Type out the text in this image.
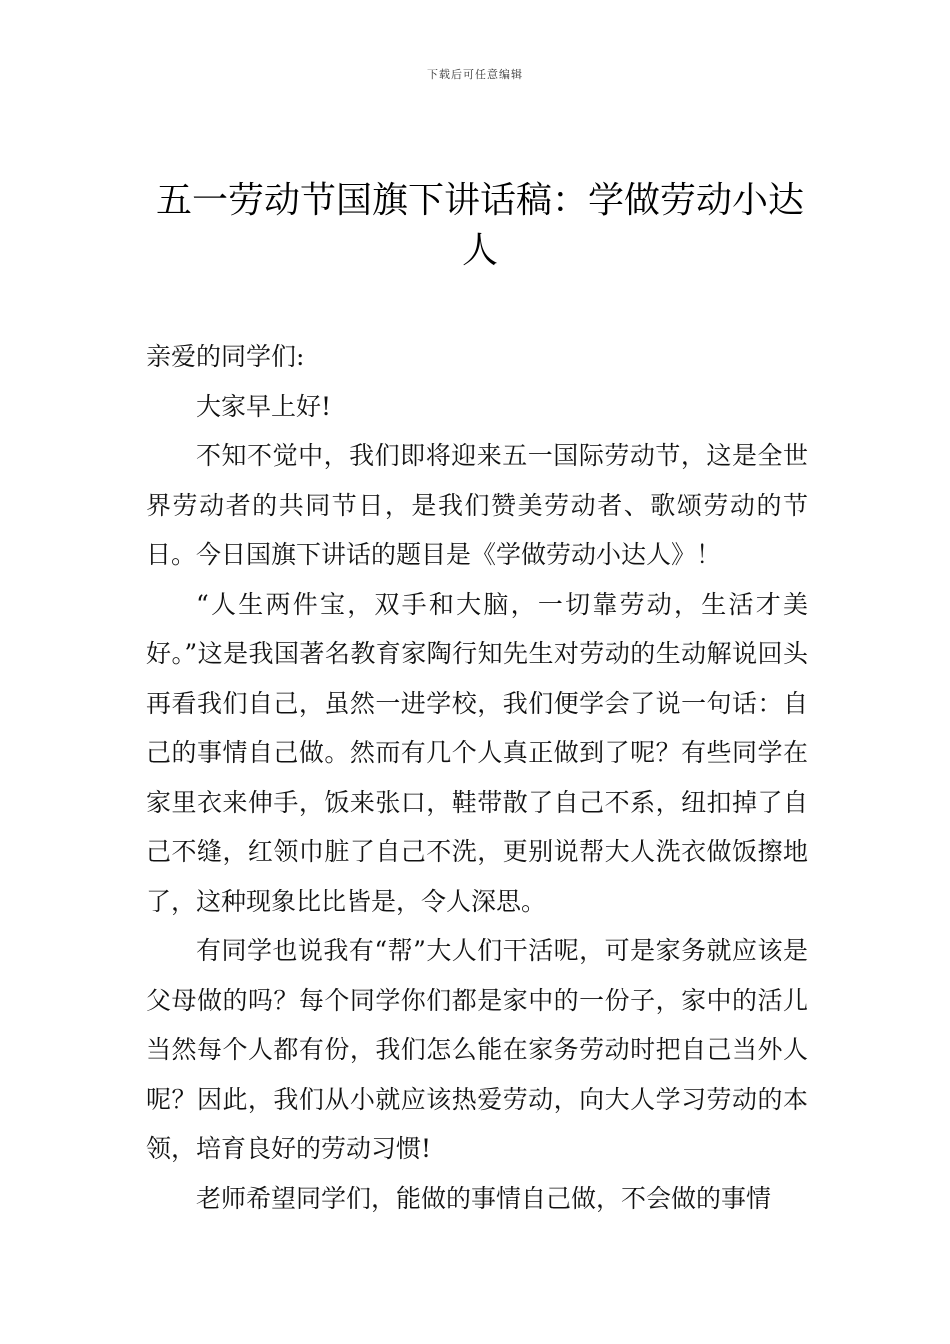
下载后可任意编辑
五一劳动节国旗下讲话稿：学做劳动小达人

亲爱的同学们:

大家早上好!

不知不觉中，我们即将迎来五一国际劳动节，这是全世界劳动者的共同节日，是我们赞美劳动者、歌颂劳动的节日。今日国旗下讲话的题目是《学做劳动小达人》！

“人生两件宝，双手和大脑，一切靠劳动，生活才美好。”这是我国著名教育家陶行知先生对劳动的生动解说回头再看我们自己，虽然一进学校，我们便学会了说一句话：自己的事情自己做。然而有几个人真正做到了呢？有些同学在家里衣来伸手，饭来张口，鞋带散了自己不系，纽扣掉了自己不缝，红领巾脏了自己不洗，更别说帮大人洗衣做饭擦地了，这种现象比比皆是，令人深思。

有同学也说我有“帮”大人们干活呢，可是家务就应该是父母做的吗？每个同学你们都是家中的一份子，家中的活儿当然每个人都有份，我们怎么能在家务劳动时把自己当外人呢？因此，我们从小就应该热爱劳动，向大人学习劳动的本领，培育良好的劳动习惯!

老师希望同学们，能做的事情自己做，不会做的事情
